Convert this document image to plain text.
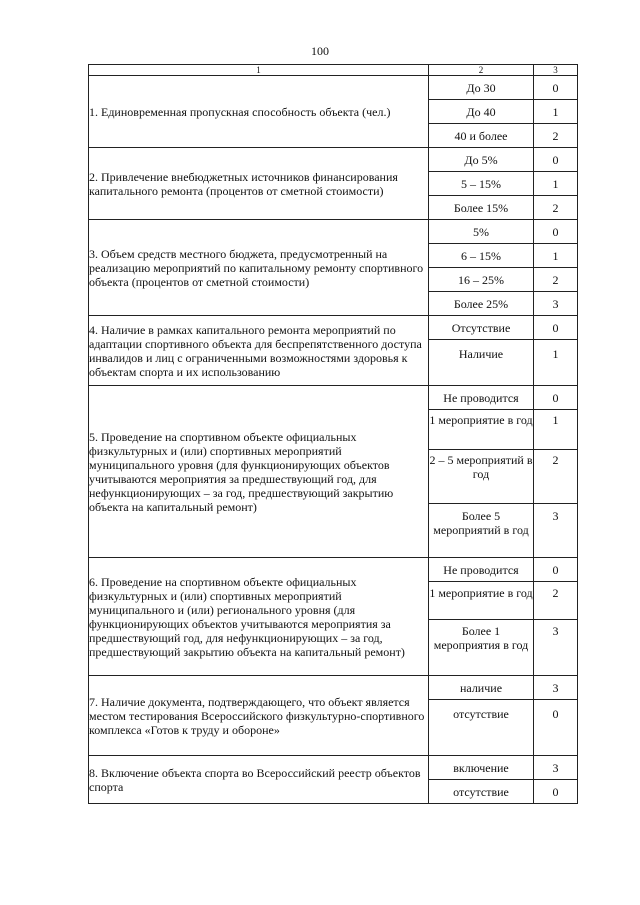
100
1	2	3
1. Единовременная пропускная способность объекта (чел.)	До 30	0
	До 40	1
	40 и более	2

2. Привлечение внебюджетных источников финансирования капитального ремонта (процентов от сметной стоимости)	До 5%	0
	5 – 15%	1
	Более 15%	2
3. Объем средств местного бюджета, предусмотренный на реализацию мероприятий по капитальному ремонту спортивного объекта (процентов от сметной стоимости)	5%	0
	6 – 15%	1
	16 – 25%	2
	Более 25%	3
4. Наличие в рамках капитального ремонта мероприятий по адаптации спортивного объекта для беспрепятственного доступа инвалидов и лиц с ограниченными возможностями здоровья к объектам спорта и их использованию	Отсутствие	0
	Наличие	1
5. Проведение на спортивном объекте официальных физкультурных и (или) спортивных мероприятий муниципального уровня (для функционирующих объектов учитываются мероприятия за предшествующий год, для нефункционирующих – за год, предшествующий закрытию объекта на капитальный ремонт)	Не проводится	0
	1 мероприятие в год	1
	2 – 5 мероприятий в год	2
	Более 5 мероприятий в год	3
6. Проведение на спортивном объекте официальных физкультурных и (или) спортивных мероприятий муниципального и (или) регионального уровня (для функционирующих объектов учитываются мероприятия за предшествующий год, для нефункционирующих – за год, предшествующий закрытию объекта на капитальный ремонт)	Не проводится	0
	1 мероприятие в год	2
	Более 1 мероприятия в год	3
7. Наличие документа, подтверждающего, что объект является местом тестирования Всероссийского физкультурно-спортивного комплекса «Готов к труду и обороне»	наличие	3
	отсутствие	0
8. Включение объекта спорта во Всероссийский реестр объектов спорта	включение	3
	отсутствие	0
